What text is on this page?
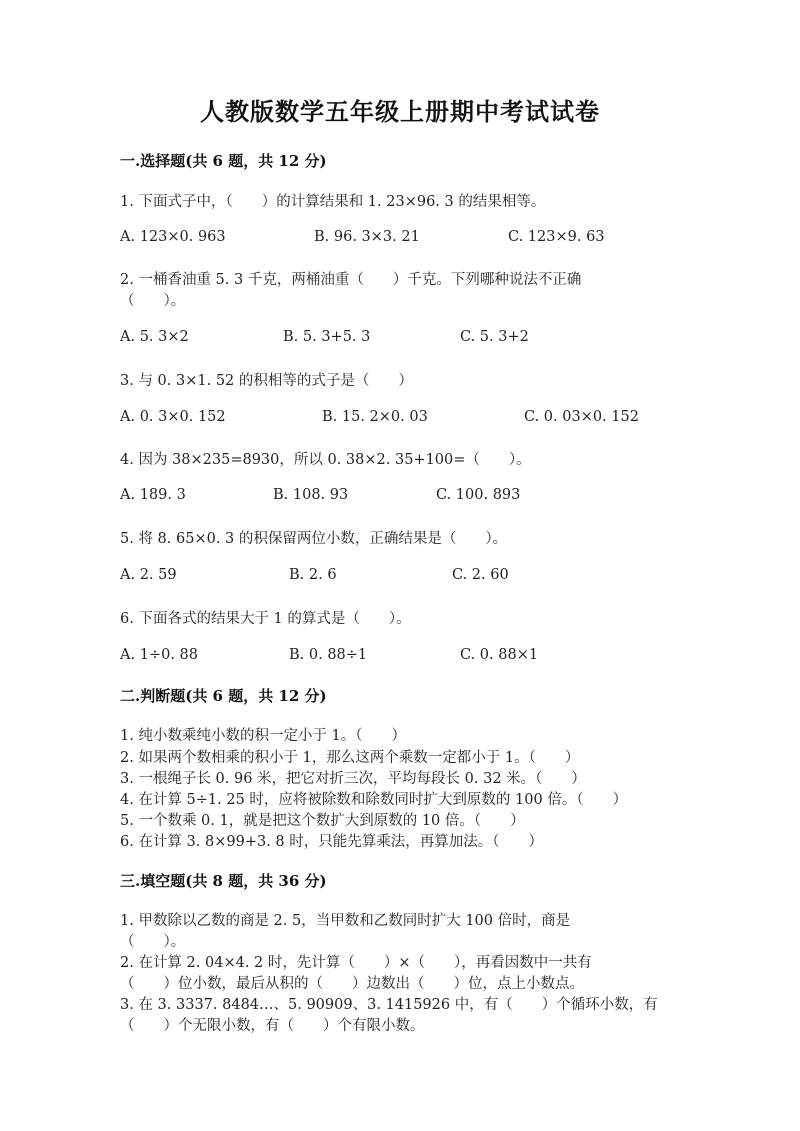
人教版数学五年级上册期中考试试卷
一.选择题(共 6 题，共 12 分)
1. 下面式子中，（　　）的计算结果和 1. 23×96. 3 的结果相等。
A. 123×0. 963	B. 96. 3×3. 21	C. 123×9. 63
2. 一桶香油重 5. 3 千克，两桶油重（　　）千克。下列哪种说法不正确
（　　）。
A. 5. 3×2	B. 5. 3+5. 3	C. 5. 3+2
3. 与 0. 3×1. 52 的积相等的式子是（　　）
A. 0. 3×0. 152	B. 15. 2×0. 03	C. 0. 03×0. 152
4. 因为 38×235=8930，所以 0. 38×2. 35+100=（　　）。
A. 189. 3	B. 108. 93	C. 100. 893
5. 将 8. 65×0. 3 的积保留两位小数，正确结果是（　　）。
A. 2. 59	B. 2. 6	C. 2. 60
6. 下面各式的结果大于 1 的算式是（　　）。
A. 1÷0. 88	B. 0. 88÷1	C. 0. 88×1
二.判断题(共 6 题，共 12 分)
1. 纯小数乘纯小数的积一定小于 1。（　　）
2. 如果两个数相乘的积小于 1，那么这两个乘数一定都小于 1。（　　）
3. 一根绳子长 0. 96 米，把它对折三次，平均每段长 0. 32 米。（　　）
4. 在计算 5÷1. 25 时，应将被除数和除数同时扩大到原数的 100 倍。（　　）
5. 一个数乘 0. 1，就是把这个数扩大到原数的 10 倍。（　　）
6. 在计算 3. 8×99+3. 8 时，只能先算乘法，再算加法。（　　）
三.填空题(共 8 题，共 36 分)
1. 甲数除以乙数的商是 2. 5，当甲数和乙数同时扩大 100 倍时，商是
（　　）。
2. 在计算 2. 04×4. 2 时，先计算（　　）×（　　），再看因数中一共有
（　　）位小数，最后从积的（　　）边数出（　　）位，点上小数点。
3. 在 3. 3337. 8484…、5. 90909、3. 1415926 中，有（　　）个循环小数，有
（　　）个无限小数，有（　　）个有限小数。
